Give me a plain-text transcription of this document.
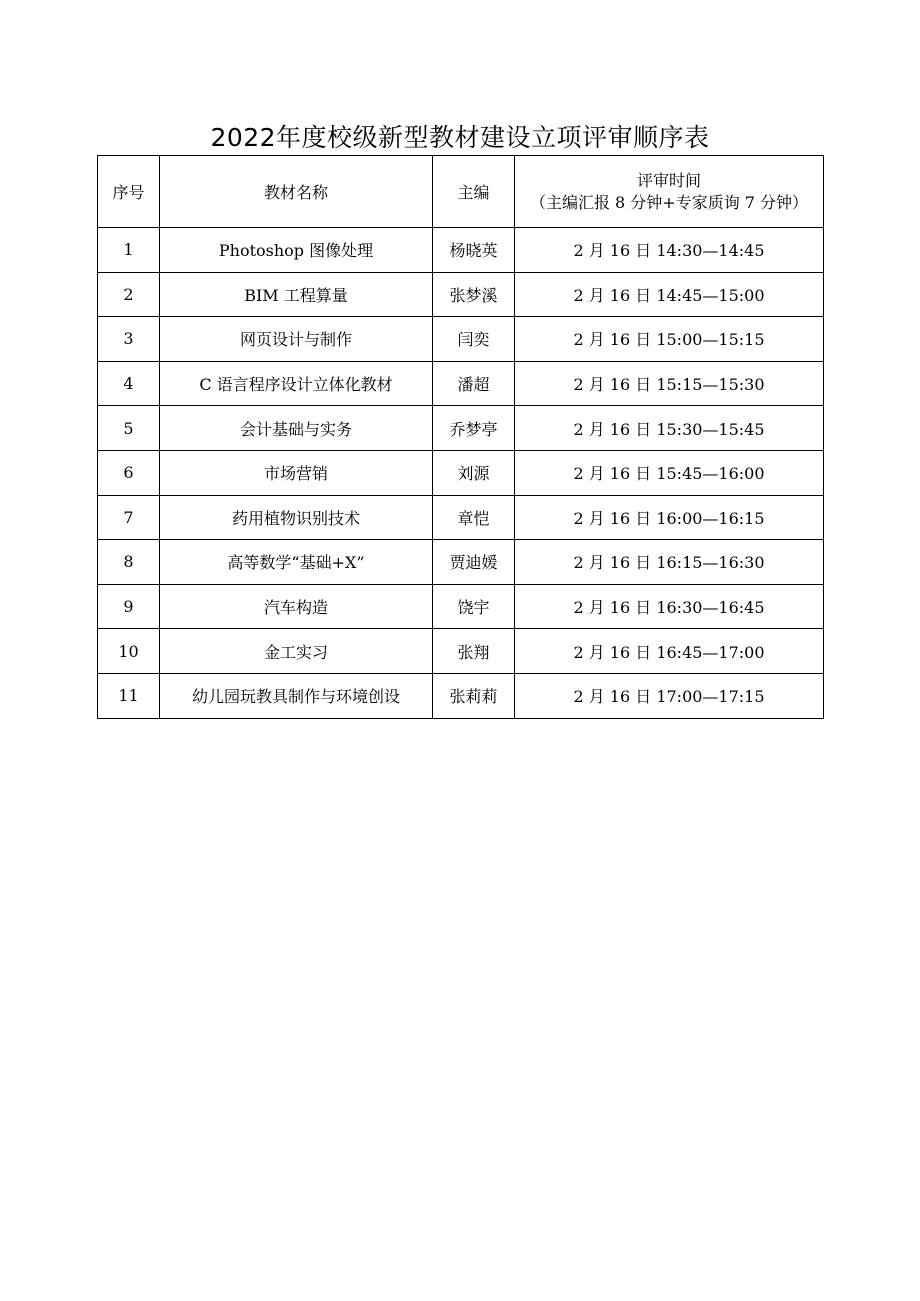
2022年度校级新型教材建设立项评审顺序表
序号	教材名称	主编	评审时间
（主编汇报 8 分钟+专家质询 7 分钟）

1	Photoshop 图像处理	杨晓英	2 月 16 日 14:30—14:45
2	BIM 工程算量	张梦溪	2 月 16 日 14:45—15:00
3	网页设计与制作	闫奕	2 月 16 日 15:00—15:15
4	C 语言程序设计立体化教材	潘超	2 月 16 日 15:15—15:30
5	会计基础与实务	乔梦亭	2 月 16 日 15:30—15:45
6	市场营销	刘源	2 月 16 日 15:45—16:00
7	药用植物识别技术	章恺	2 月 16 日 16:00—16:15
8	高等数学“基础+X”	贾迪媛	2 月 16 日 16:15—16:30
9	汽车构造	饶宇	2 月 16 日 16:30—16:45
10	金工实习	张翔	2 月 16 日 16:45—17:00
11	幼儿园玩教具制作与环境创设	张莉莉	2 月 16 日 17:00—17:15
